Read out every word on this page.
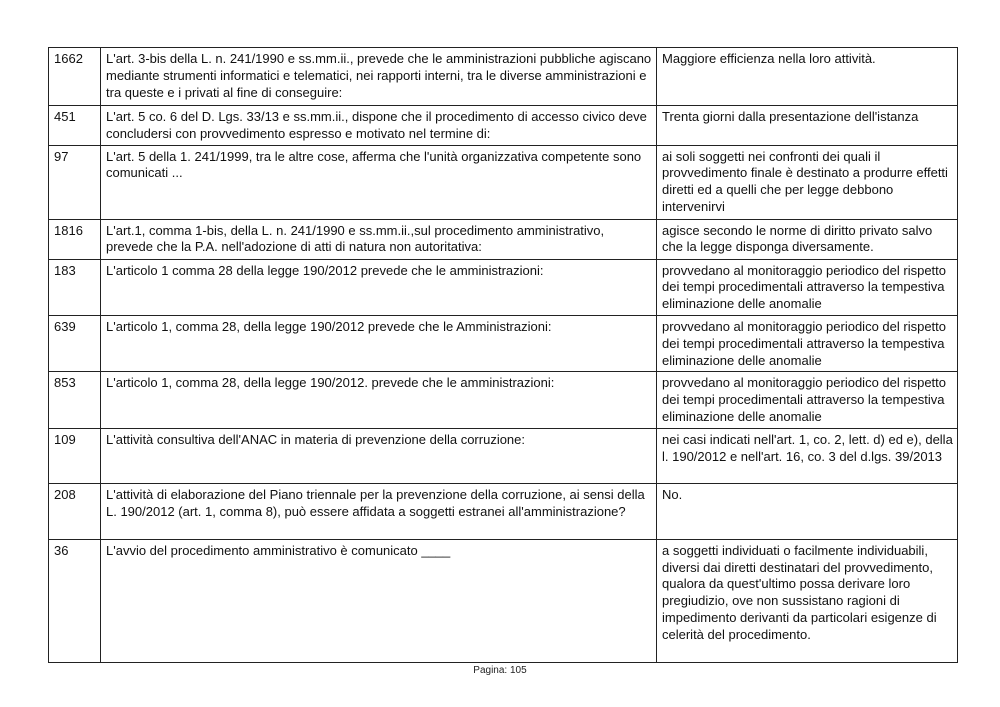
1662	L'art. 3-bis della L. n. 241/1990 e ss.mm.ii., prevede che le amministrazioni pubbliche agiscano mediante strumenti informatici e telematici, nei rapporti interni, tra le diverse amministrazioni e tra queste e i privati al fine di conseguire:	Maggiore efficienza nella loro attività.
451	L'art. 5 co. 6 del D. Lgs. 33/13 e ss.mm.ii., dispone che il procedimento di accesso civico deve concludersi con provvedimento espresso e motivato nel termine di:	Trenta giorni dalla presentazione dell'istanza
97	L'art. 5 della 1. 241/1999, tra le altre cose, afferma che l'unità organizzativa competente sono comunicati ...	ai soli soggetti nei confronti dei quali il provvedimento finale è destinato a produrre effetti diretti ed a quelli che per legge debbono intervenirvi
1816	L'art.1, comma 1-bis, della L. n. 241/1990 e ss.mm.ii.,sul procedimento amministrativo, prevede che la P.A. nell'adozione di atti di natura non autoritativa:	agisce secondo le norme di diritto privato salvo che la legge disponga diversamente.
183	L'articolo 1 comma 28 della legge 190/2012 prevede che le amministrazioni:	provvedano al monitoraggio periodico del rispetto dei tempi procedimentali attraverso la tempestiva eliminazione delle anomalie
639	L'articolo 1, comma 28, della legge 190/2012 prevede che le Amministrazioni:	provvedano al monitoraggio periodico del rispetto dei tempi procedimentali attraverso la tempestiva eliminazione delle anomalie
853	L'articolo 1, comma 28, della legge 190/2012. prevede che le amministrazioni:	provvedano al monitoraggio periodico del rispetto dei tempi procedimentali attraverso la tempestiva eliminazione delle anomalie
109	L'attività consultiva dell'ANAC in materia di prevenzione della corruzione:	nei casi indicati nell'art. 1, co. 2, lett. d) ed e), della l. 190/2012 e nell'art. 16, co. 3 del d.lgs. 39/2013
208	L'attività di elaborazione del Piano triennale per la prevenzione della corruzione, ai sensi della L. 190/2012 (art. 1, comma 8), può essere affidata a soggetti estranei all'amministrazione?	No.
36	L'avvio del procedimento amministrativo è comunicato ____	a soggetti individuati o facilmente individuabili, diversi dai diretti destinatari del provvedimento, qualora da quest'ultimo possa derivare loro pregiudizio, ove non sussistano ragioni di impedimento derivanti da particolari esigenze di celerità del procedimento.
Pagina: 105
